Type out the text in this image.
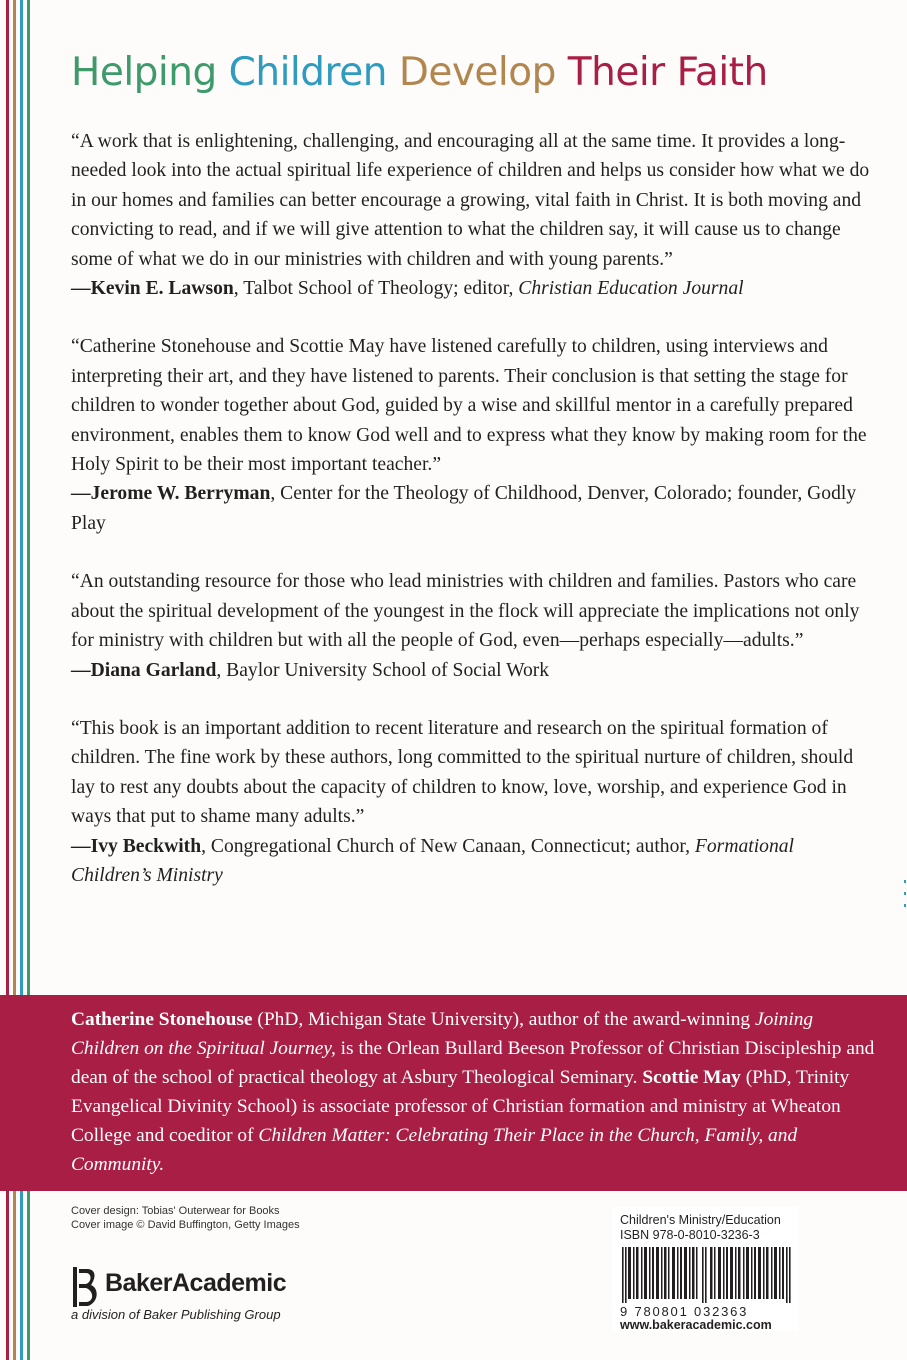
Helping Children Develop Their Faith

“A work that is enlightening, challenging, and encouraging all at the same time. It provides a long-needed look into the actual spiritual life experience of children and helps us consider how what we do in our homes and families can better encourage a growing, vital faith in Christ. It is both moving and convicting to read, and if we will give attention to what the children say, it will cause us to change some of what we do in our ministries with children and with young parents.”

—Kevin E. Lawson, Talbot School of Theology; editor, Christian Education Journal

“Catherine Stonehouse and Scottie May have listened carefully to children, using interviews and interpreting their art, and they have listened to parents. Their conclusion is that setting the stage for children to wonder together about God, guided by a wise and skillful mentor in a carefully prepared environment, enables them to know God well and to express what they know by making room for the Holy Spirit to be their most important teacher.”

—Jerome W. Berryman, Center for the Theology of Childhood, Denver, Colorado; founder, Godly Play

“An outstanding resource for those who lead ministries with children and families. Pastors who care about the spiritual development of the youngest in the flock will appreciate the implications not only for ministry with children but with all the people of God, even—perhaps especially—adults.”

—Diana Garland, Baylor University School of Social Work

“This book is an important addition to recent literature and research on the spiritual formation of children. The fine work by these authors, long committed to the spiritual nurture of children, should lay to rest any doubts about the capacity of children to know, love, worship, and experience God in ways that put to shame many adults.”

—Ivy Beckwith, Congregational Church of New Canaan, Connecticut; author, Formational Children’s Ministry

Catherine Stonehouse (PhD, Michigan State University), author of the award-winning Joining Children on the Spiritual Journey, is the Orlean Bullard Beeson Professor of Christian Discipleship and dean of the school of practical theology at Asbury Theological Seminary. Scottie May (PhD, Trinity Evangelical Divinity School) is associate professor of Christian formation and ministry at Wheaton College and coeditor of Children Matter: Celebrating Their Place in the Church, Family, and Community.

Cover design: Tobias' Outerwear for Books
Cover image © David Buffington, Getty Images
BakerAcademic
a division of Baker Publishing Group
Children's Ministry/Education
ISBN 978-0-8010-3236-3
9 780801 032363
www.bakeracademic.com
